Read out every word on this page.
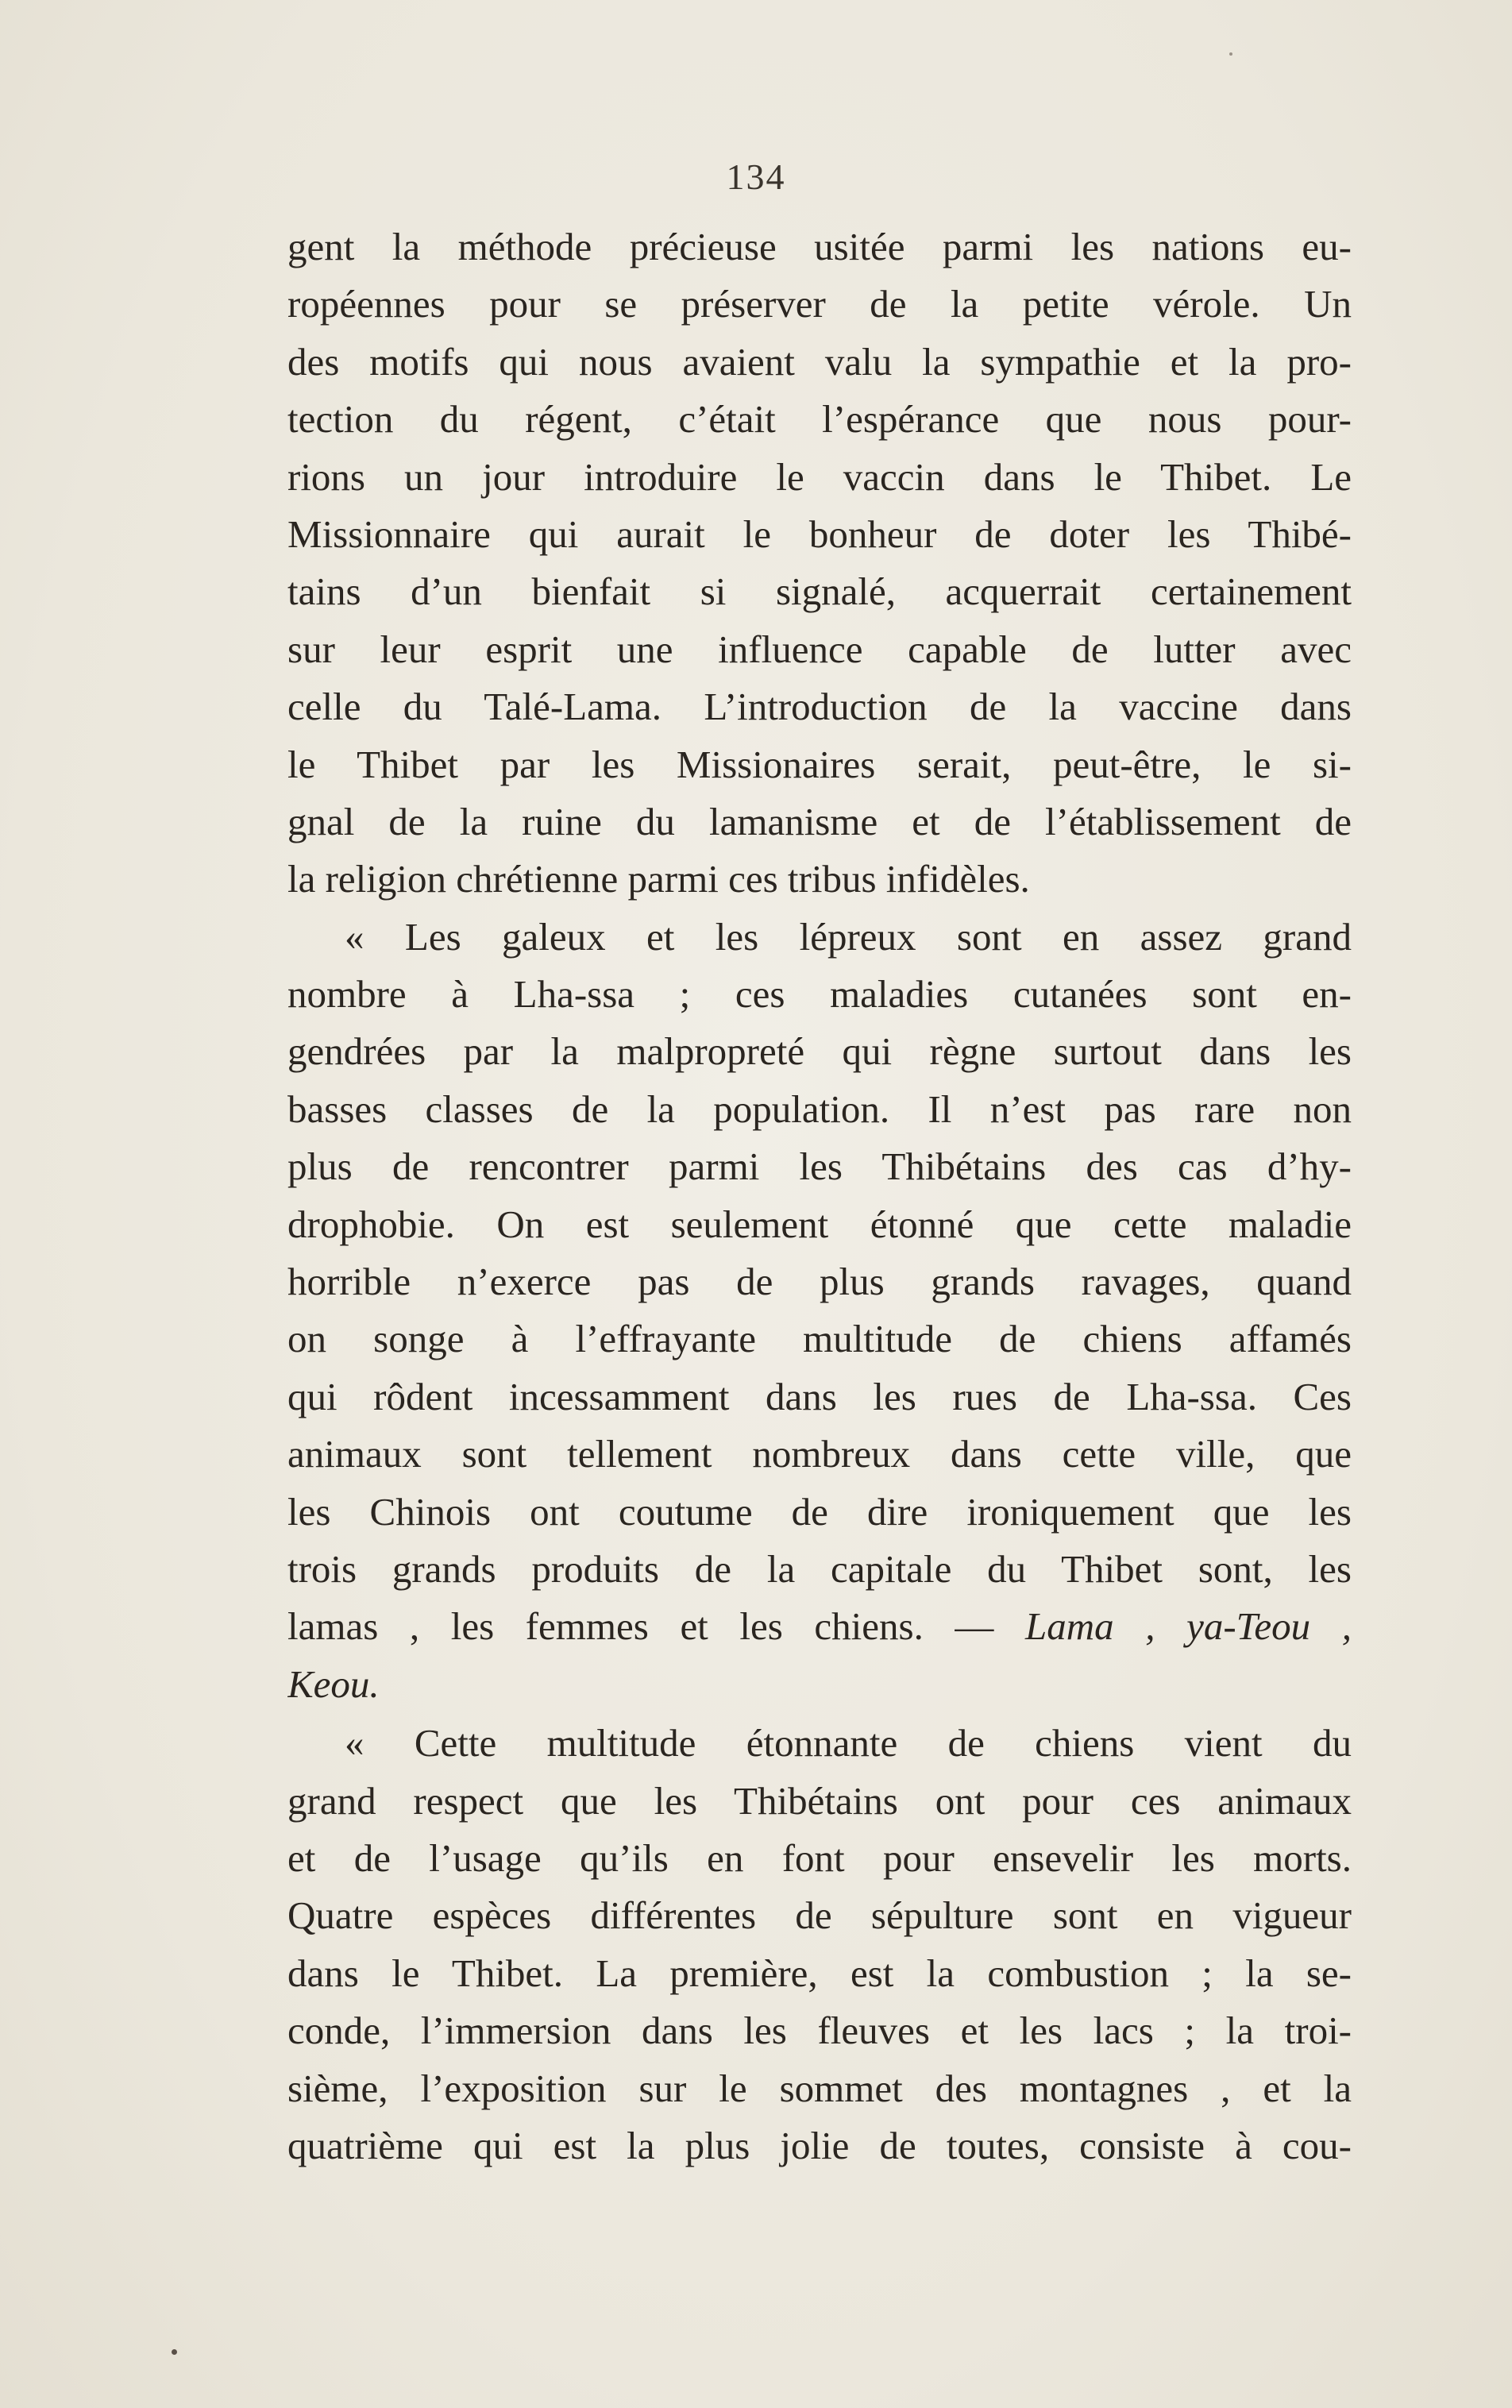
134
gent la méthode précieuse usitée parmi les nations eu-
ropéennes pour se préserver de la petite vérole. Un
des motifs qui nous avaient valu la sympathie et la pro-
tection du régent, c’était l’espérance que nous pour-
rions un jour introduire le vaccin dans le Thibet. Le
Missionnaire qui aurait le bonheur de doter les Thibé-
tains d’un bienfait si signalé, acquerrait certainement
sur leur esprit une influence capable de lutter avec
celle du Talé-Lama. L’introduction de la vaccine dans
le Thibet par les Missionaires serait, peut-être, le si-
gnal de la ruine du lamanisme et de l’établissement de
la religion chrétienne parmi ces tribus infidèles.
« Les galeux et les lépreux sont en assez grand
nombre à Lha-ssa ; ces maladies cutanées sont en-
gendrées par la malpropreté qui règne surtout dans les
basses classes de la population. Il n’est pas rare non
plus de rencontrer parmi les Thibétains des cas d’hy-
drophobie. On est seulement étonné que cette maladie
horrible n’exerce pas de plus grands ravages, quand
on songe à l’effrayante multitude de chiens affamés
qui rôdent incessamment dans les rues de Lha-ssa. Ces
animaux sont tellement nombreux dans cette ville, que
les Chinois ont coutume de dire ironiquement que les
trois grands produits de la capitale du Thibet sont, les
lamas , les femmes et les chiens. — Lama , ya-Teou ,
Keou.
« Cette multitude étonnante de chiens vient du
grand respect que les Thibétains ont pour ces animaux
et de l’usage qu’ils en font pour ensevelir les morts.
Quatre espèces différentes de sépulture sont en vigueur
dans le Thibet. La première, est la combustion ; la se-
conde, l’immersion dans les fleuves et les lacs ; la troi-
sième, l’exposition sur le sommet des montagnes , et la
quatrième qui est la plus jolie de toutes, consiste à cou-
